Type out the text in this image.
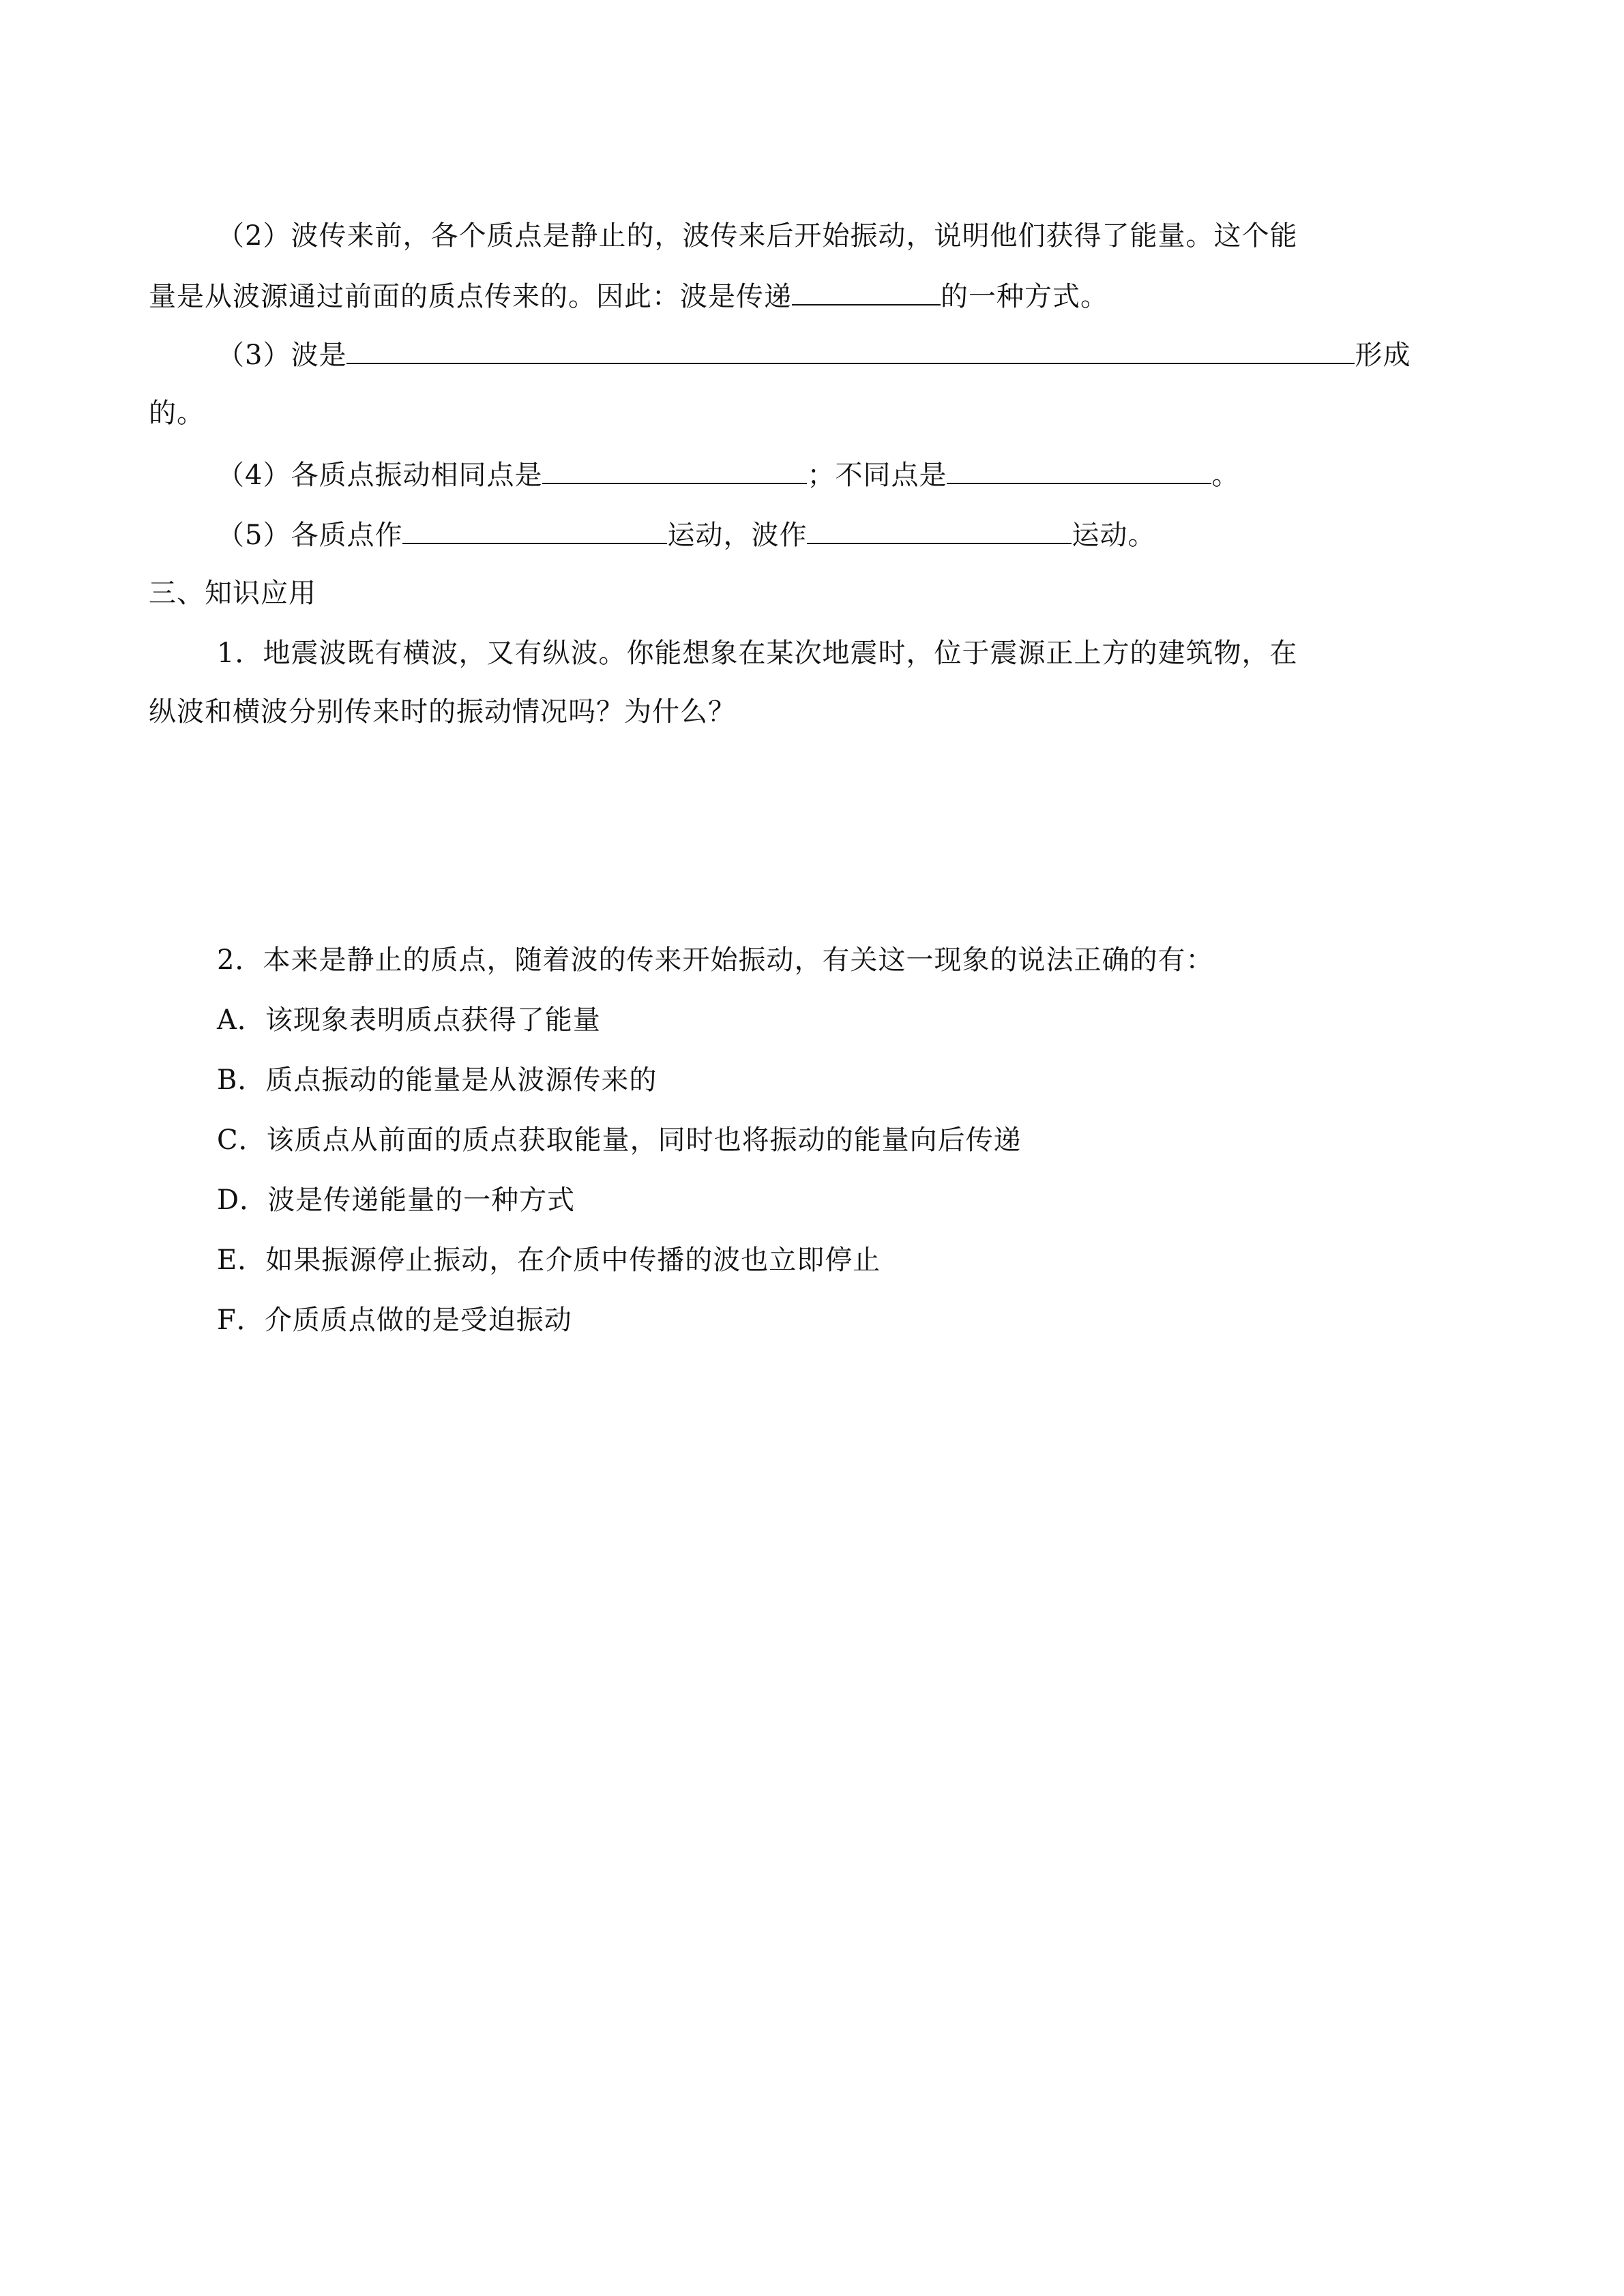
（2）波传来前，各个质点是静止的，波传来后开始振动，说明他们获得了能量。这个能
量是从波源通过前面的质点传来的。因此：波是传递	的一种方式。
（3）波是	形成
的。
（4）各质点振动相同点是	；不同点是	。
（5）各质点作	运动，波作	运动。
三、知识应用
1．地震波既有横波，又有纵波。你能想象在某次地震时，位于震源正上方的建筑物，在
纵波和横波分别传来时的振动情况吗？为什么？
2．本来是静止的质点，随着波的传来开始振动，有关这一现象的说法正确的有：
A．该现象表明质点获得了能量
B．质点振动的能量是从波源传来的
C．该质点从前面的质点获取能量，同时也将振动的能量向后传递
D．波是传递能量的一种方式
E．如果振源停止振动，在介质中传播的波也立即停止
F．介质质点做的是受迫振动
